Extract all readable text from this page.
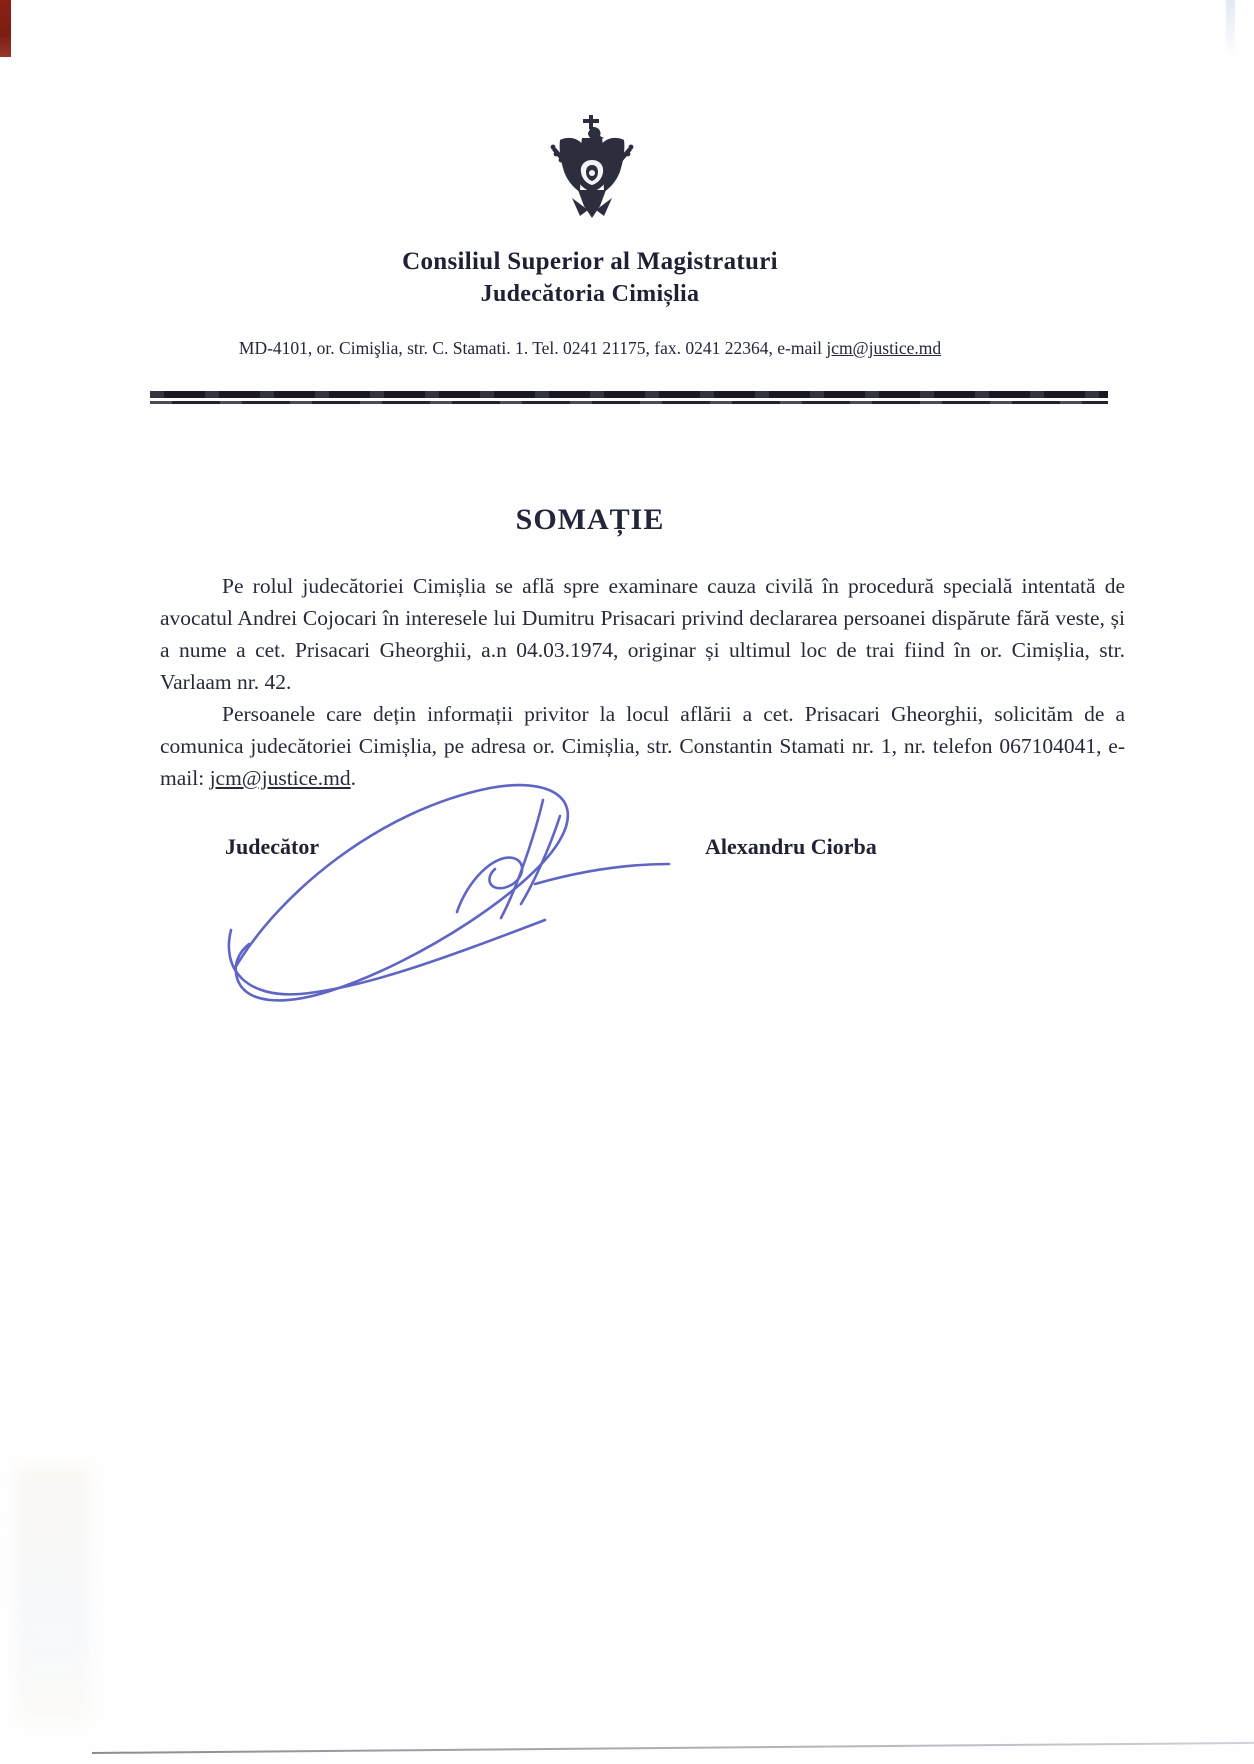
Consiliul Superior al Magistraturi
Judecătoria Cimișlia
MD-4101, or. Cimişlia, str. C. Stamati. 1. Tel. 0241 21175, fax. 0241 22364, e-mail jcm@justice.md
SOMAȚIE

Pe rolul judecătoriei Cimișlia se află spre examinare cauza civilă în procedură specială intentată de avocatul Andrei Cojocari în interesele lui Dumitru Prisacari privind declararea persoanei dispărute fără veste, și a nume a cet. Prisacari Gheorghii, a.n 04.03.1974, originar și ultimul loc de trai fiind în or. Cimișlia, str. Varlaam nr. 42.

Persoanele care dețin informații privitor la locul aflării a cet. Prisacari Gheorghii, solicităm de a comunica judecătoriei Cimișlia, pe adresa or. Cimișlia, str. Constantin Stamati nr. 1, nr. telefon 067104041, e-mail: jcm@justice.md.

Judecător	Alexandru Ciorba
